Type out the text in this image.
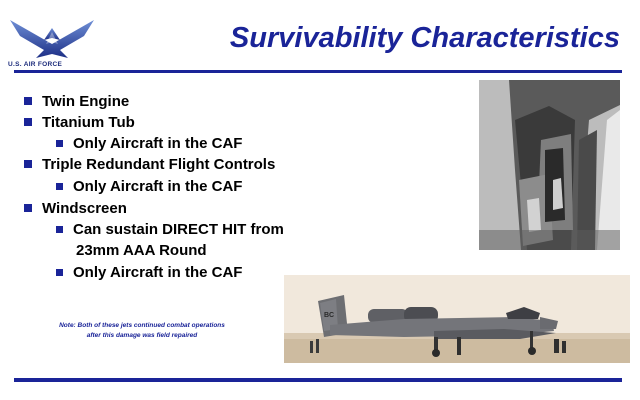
U.S. AIR FORCE
Survivability Characteristics
Twin Engine
Titanium Tub
Only Aircraft in the CAF
Triple Redundant Flight Controls
Only Aircraft in the CAF
Windscreen
Can sustain DIRECT HIT from
23mm AAA Round
Only Aircraft in the CAF
BC
Note: Both of these jets continued combat operations
after this damage was field repaired
